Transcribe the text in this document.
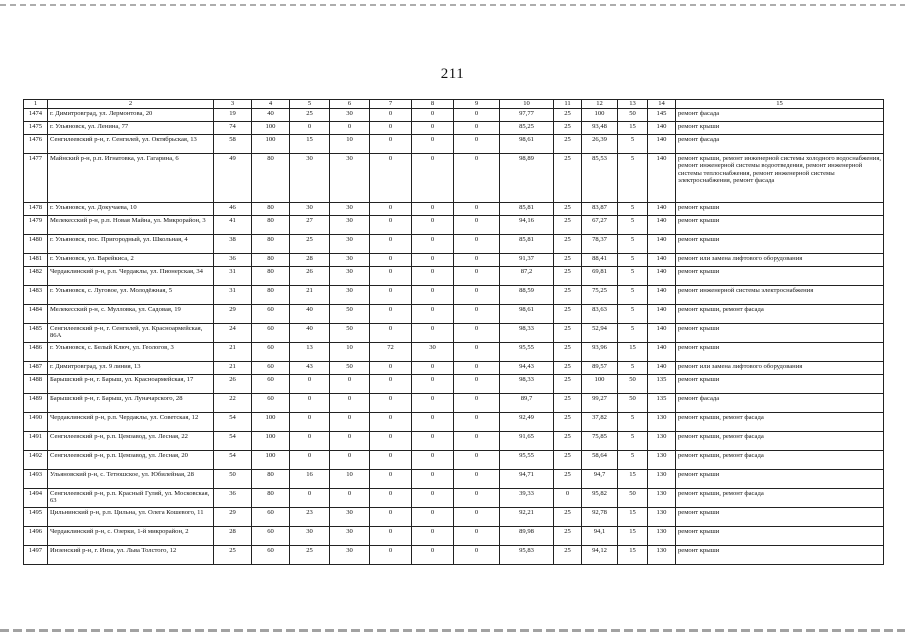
211
1	2	3	4	5	6	7	8	9	10	11	12	13	14	15
1474	г. Димитровград, ул. Лермонтова, 20	19	40	25	30	0	0	0	97,77	25	100	50	145	ремонт фасада
1475	г. Ульяновск, ул. Ленина, 77	74	100	0	0	0	0	0	85,25	25	93,48	15	140	ремонт крыши
1476	Сенгилеевский р-н, г. Сенгилей, ул. Октябрьская, 13	58	100	15	10	0	0	0	98,61	25	26,39	5	140	ремонт фасада
1477	Майнский р-н, р.п. Игнатовка, ул. Гагарина, 6	49	80	30	30	0	0	0	98,89	25	85,53	5	140	ремонт крыши, ремонт инженерной системы холодного водоснабжения, ремонт инженерной системы водоотведения, ремонт инженерной системы теплоснабжения, ремонт инженерной системы электроснабжения, ремонт фасада
1478	г. Ульяновск, ул. Докучаева, 10	46	80	30	30	0	0	0	85,81	25	83,87	5	140	ремонт крыши
1479	Мелекесский р-н, р.п. Новая Майна, ул. Микрорайон, 3	41	80	27	30	0	0	0	94,16	25	67,27	5	140	ремонт крыши
1480	г. Ульяновск, пос. Пригородный, ул. Школьная, 4	38	80	25	30	0	0	0	85,81	25	78,37	5	140	ремонт крыши
1481	г. Ульяновск, ул. Варейкиса, 2	36	80	28	30	0	0	0	91,37	25	88,41	5	140	ремонт или замена лифтового оборудования
1482	Чердаклинский р-н, р.п. Чердаклы, ул. Пионерская, 34	31	80	26	30	0	0	0	87,2	25	69,81	5	140	ремонт крыши
1483	г. Ульяновск, с. Луговое, ул. Молодёжная, 5	31	80	21	30	0	0	0	88,59	25	75,25	5	140	ремонт инженерной системы электроснабжения
1484	Мелекесский р-н, с. Мулловка, ул. Садовая, 19	29	60	40	50	0	0	0	98,61	25	83,63	5	140	ремонт крыши, ремонт фасада
1485	Сенгилеевский р-н, г. Сенгилей, ул. Красноармейская, 86А	24	60	40	50	0	0	0	98,33	25	52,94	5	140	ремонт крыши
1486	г. Ульяновск, с. Белый Ключ, ул. Геологов, 3	21	60	13	10	72	30	0	95,55	25	93,96	15	140	ремонт крыши
1487	г. Димитровград, ул. 9 линия, 13	21	60	43	50	0	0	0	94,43	25	89,57	5	140	ремонт или замена лифтового оборудования
1488	Барышский р-н, г. Барыш, ул. Красноармейская, 17	26	60	0	0	0	0	0	98,33	25	100	50	135	ремонт крыши
1489	Барышский р-н, г. Барыш, ул. Луначарского, 28	22	60	0	0	0	0	0	89,7	25	99,27	50	135	ремонт фасада
1490	Чердаклинский р-н, р.п. Чердаклы, ул. Советская, 12	54	100	0	0	0	0	0	92,49	25	37,82	5	130	ремонт крыши, ремонт фасада
1491	Сенгилеевский р-н, р.п. Цемзавод, ул. Лесная, 22	54	100	0	0	0	0	0	91,65	25	75,85	5	130	ремонт крыши, ремонт фасада
1492	Сенгилеевский р-н, р.п. Цемзавод, ул. Лесная, 20	54	100	0	0	0	0	0	95,55	25	58,64	5	130	ремонт крыши, ремонт фасада
1493	Ульяновский р-н, с. Тетюшское, ул. Юбилейная, 28	50	80	16	10	0	0	0	94,71	25	94,7	15	130	ремонт крыши
1494	Сенгилеевский р-н, р.п. Красный Гуляй, ул. Московская, 63	36	80	0	0	0	0	0	39,33	0	95,82	50	130	ремонт крыши, ремонт фасада
1495	Цильнинский р-н, р.п. Цильна, ул. Олега Кошевого, 11	29	60	23	30	0	0	0	92,21	25	92,78	15	130	ремонт крыши
1496	Чердаклинский р-н, с. Озерки, 1-й микрорайон, 2	28	60	30	30	0	0	0	89,98	25	94,1	15	130	ремонт крыши
1497	Инзенский р-н, г. Инза, ул. Льва Толстого, 12	25	60	25	30	0	0	0	95,83	25	94,12	15	130	ремонт крыши
